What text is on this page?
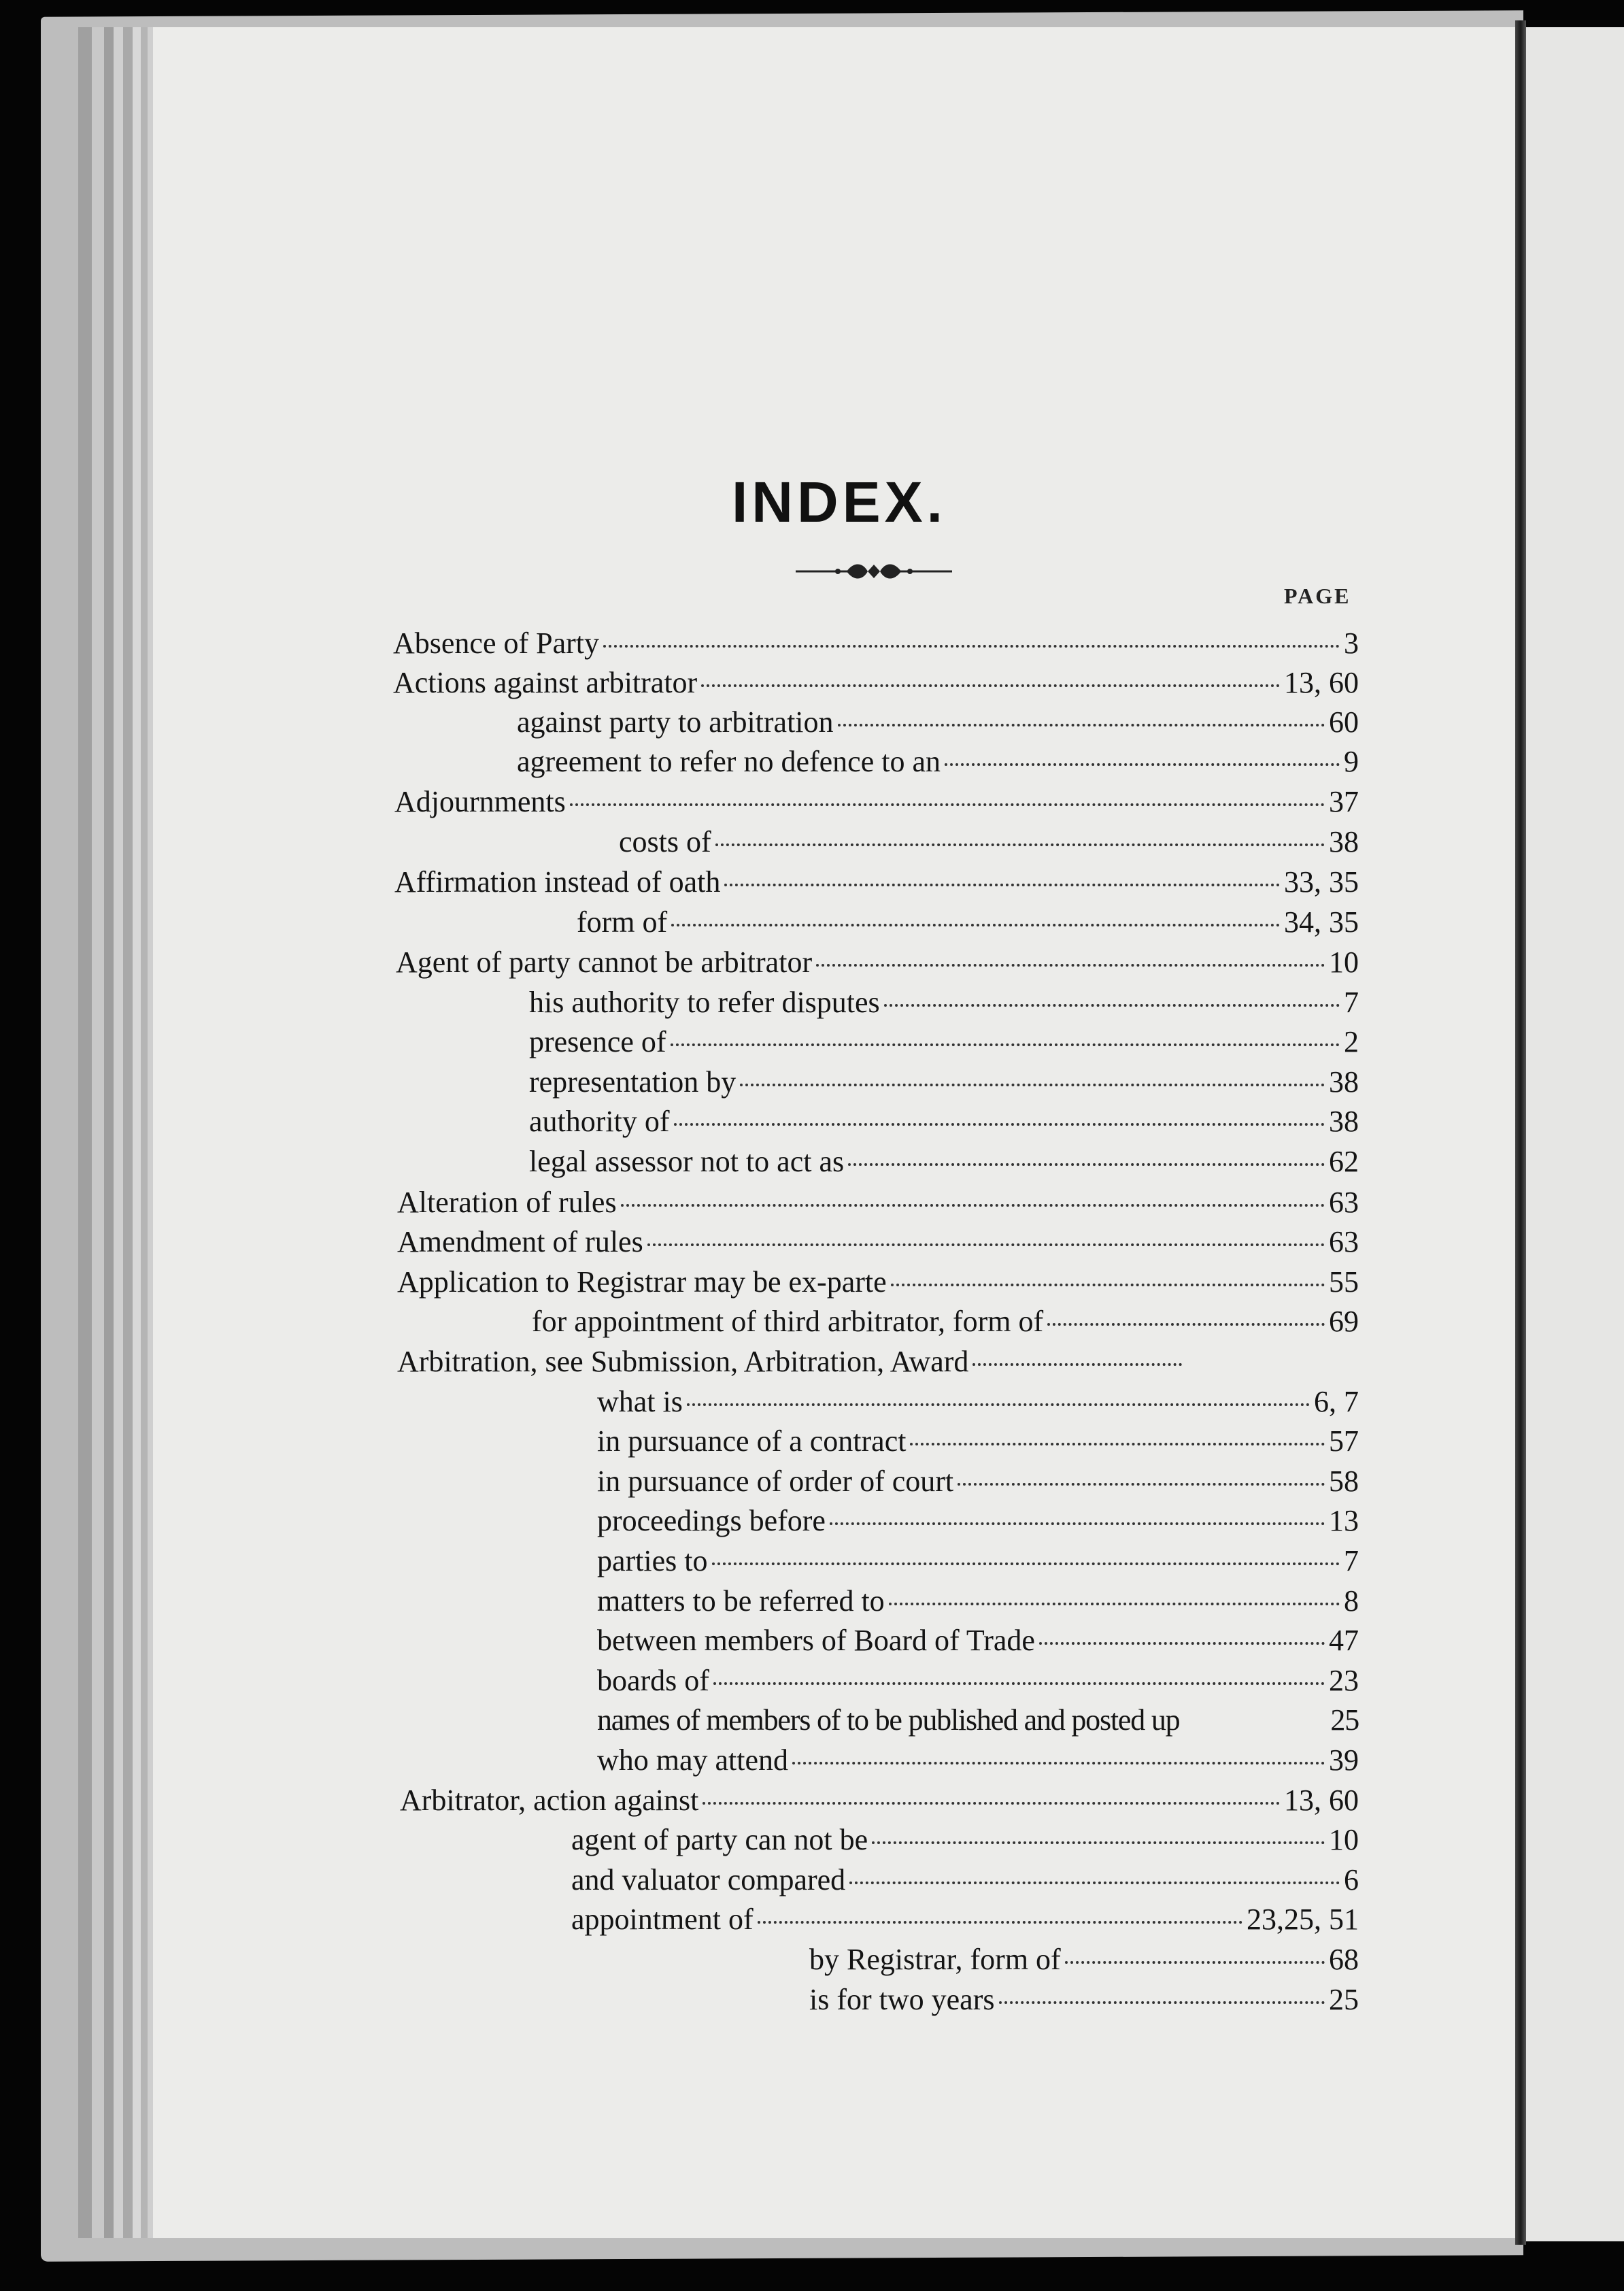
INDEX.
PAGE
Absence of Party	3
Actions against arbitrator	13, 60
against party to arbitration	60
agreement to refer no defence to an	9
Adjournments	37
costs of	38
Affirmation instead of oath	33, 35
form of	34, 35
Agent of party cannot be arbitrator	10
his authority to refer disputes	7
presence of	2
representation by	38
authority of	38
legal assessor not to act as	62
Alteration of rules	63
Amendment of rules	63
Application to Registrar may be ex-parte	55
for appointment of third arbitrator, form of	69
Arbitration, see Submission, Arbitration, Award
what is	6, 7
in pursuance of a contract	57
in pursuance of order of court	58
proceedings before	13
parties to	7
matters to be referred to	8
between members of Board of Trade	47
boards of	23
names of members of to be published and posted up	25
who may attend	39
Arbitrator, action against	13, 60
agent of party can not be	10
and valuator compared	6
appointment of	23,25, 51
by Registrar, form of	68
is for two years	25
